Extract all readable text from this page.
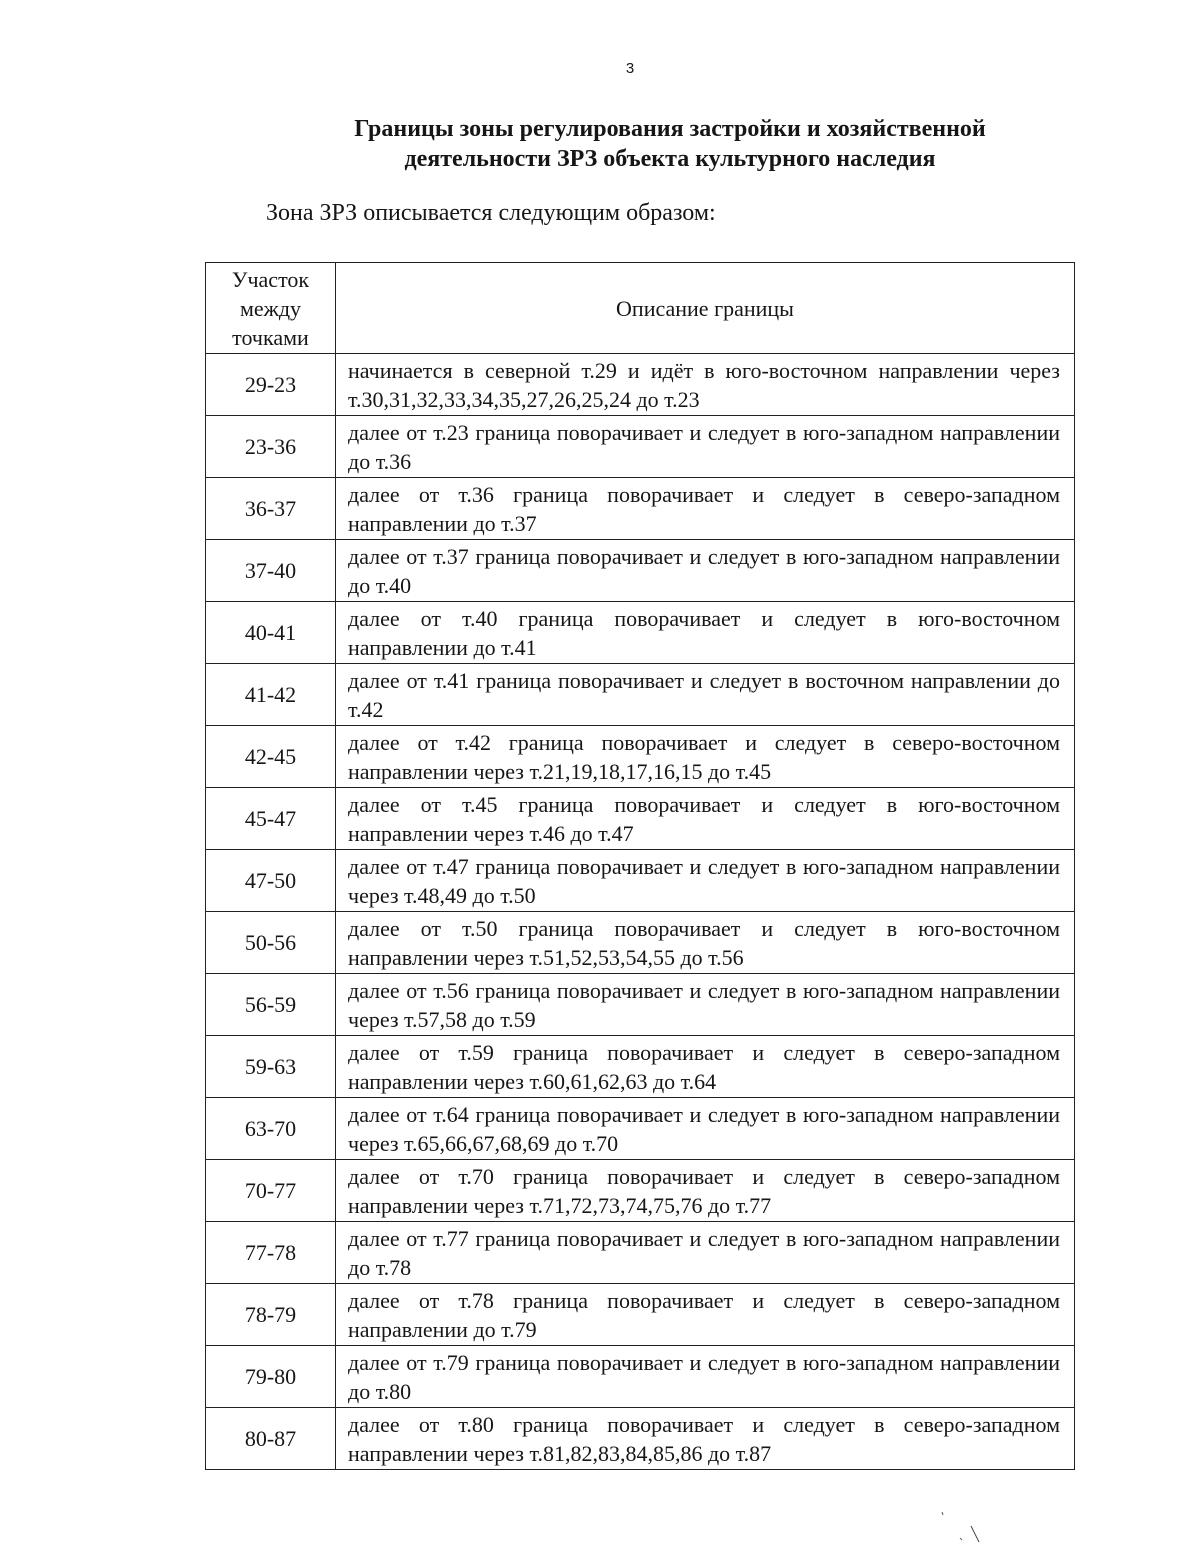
3
Границы зоны регулирования застройки и хозяйственной
деятельности ЗРЗ объекта культурного наследия
Зона ЗРЗ описывается следующим образом:
Участок между точками	Описание границы
29-23	начинается в северной т.29 и идёт в юго-восточном направлении через т.30,31,32,33,34,35,27,26,25,24 до т.23
23-36	далее от т.23 граница поворачивает и следует в юго-западном направлении до т.36
36-37	далее от т.36 граница поворачивает и следует в северо-западном направлении до т.37
37-40	далее от т.37 граница поворачивает и следует в юго-западном направлении до т.40
40-41	далее от т.40 граница поворачивает и следует в юго-восточном направлении до т.41
41-42	далее от т.41 граница поворачивает и следует в восточном направлении до т.42
42-45	далее от т.42 граница поворачивает и следует в северо-восточном направлении через т.21,19,18,17,16,15 до т.45
45-47	далее от т.45 граница поворачивает и следует в юго-восточном направлении через т.46 до т.47
47-50	далее от т.47 граница поворачивает и следует в юго-западном направлении через т.48,49 до т.50
50-56	далее от т.50 граница поворачивает и следует в юго-восточном направлении через т.51,52,53,54,55 до т.56
56-59	далее от т.56 граница поворачивает и следует в юго-западном направлении через т.57,58 до т.59
59-63	далее от т.59 граница поворачивает и следует в северо-западном направлении через т.60,61,62,63 до т.64
63-70	далее от т.64 граница поворачивает и следует в юго-западном направлении через т.65,66,67,68,69 до т.70
70-77	далее от т.70 граница поворачивает и следует в северо-западном направлении через т.71,72,73,74,75,76 до т.77
77-78	далее от т.77 граница поворачивает и следует в юго-западном направлении до т.78
78-79	далее от т.78 граница поворачивает и следует в северо-западном направлении до т.79
79-80	далее от т.79 граница поворачивает и следует в юго-западном направлении до т.80
80-87	далее от т.80 граница поворачивает и следует в северо-западном направлении через т.81,82,83,84,85,86 до т.87
